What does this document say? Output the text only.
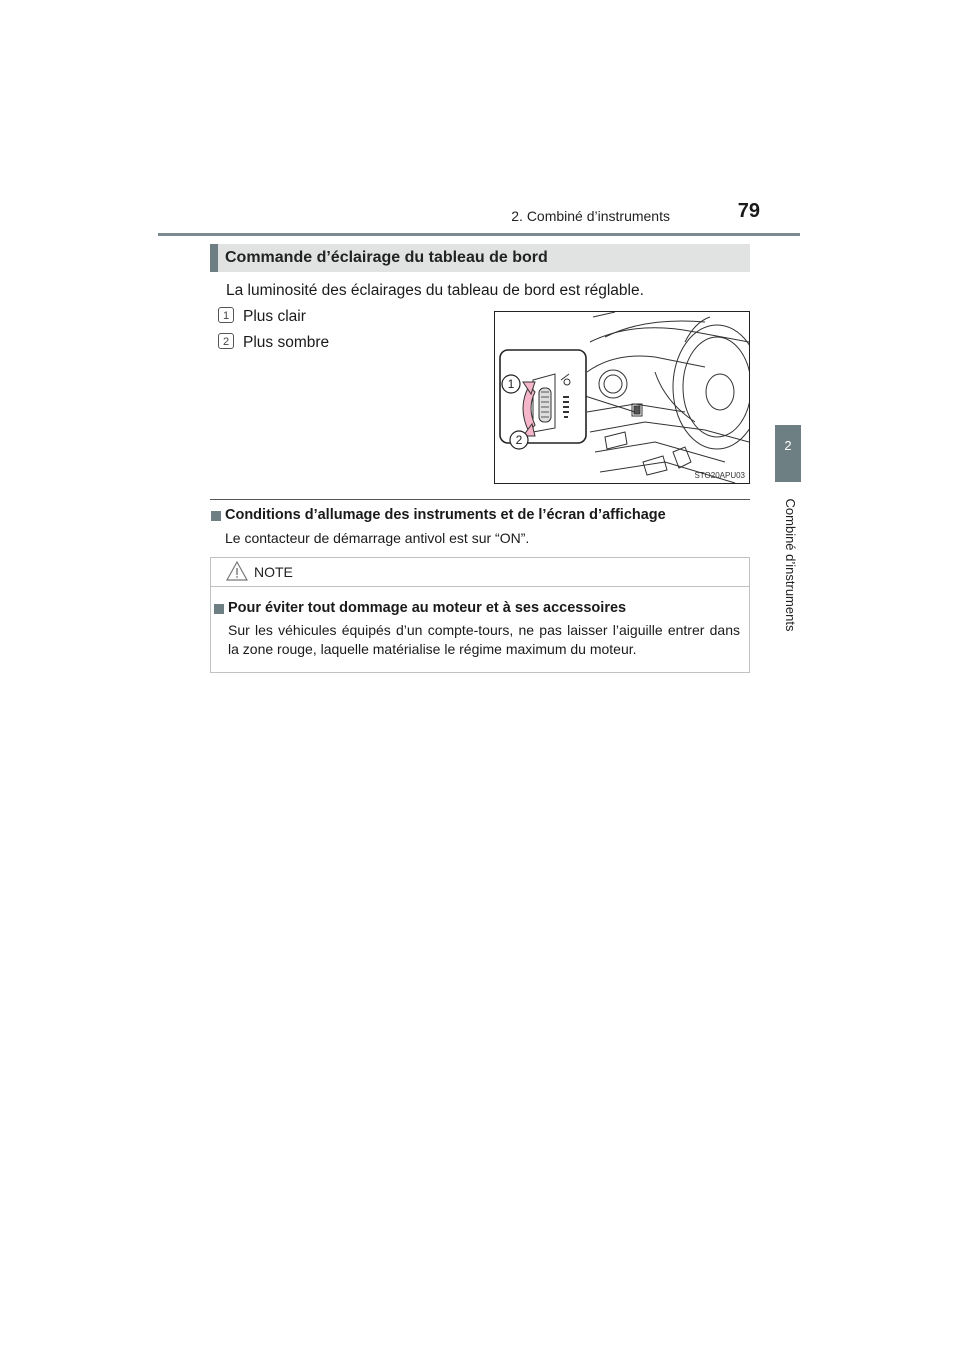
2. Combiné d’instruments	79
2
Combiné d’instruments
Commande d’éclairage du tableau de bord
La luminosité des éclairages du tableau de bord est réglable.
1 Plus clair
2 Plus sombre
1
2
STO20APU03
Conditions d’allumage des instruments et de l’écran d’affichage
Le contacteur de démarrage antivol est sur “ON”.
NOTE
Pour éviter tout dommage au moteur et à ses accessoires
Sur les véhicules équipés d’un compte-tours, ne pas laisser l’aiguille entrer dans la zone rouge, laquelle matérialise le régime maximum du moteur.
